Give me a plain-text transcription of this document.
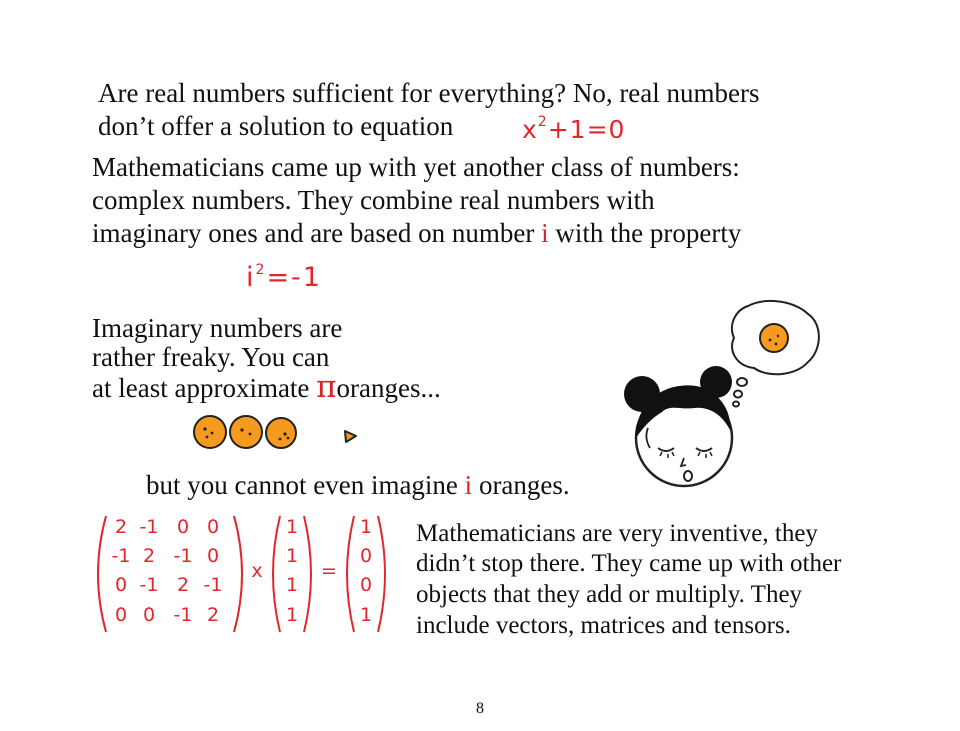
Are real numbers sufficient for everything? No, real numbers

don’t offer a solution to equation	$x^2+1=0$

Mathematicians came up with yet another class of numbers:

complex numbers. They combine real numbers with

imaginary ones and are based on number i with the property

$i^2=-1$

Imaginary numbers are

rather freaky. You can

at least approximate πoranges...

but you cannot even imagine i oranges.

2 -1 0 0
-1 2 -1 0
0 -1 2 -1
0 0 -1 2
x
1
1
1
1
=
1
0
0
1

Mathematicians are very inventive, they

didn’t stop there. They came up with other

objects that they add or multiply. They

include vectors, matrices and tensors.

8
